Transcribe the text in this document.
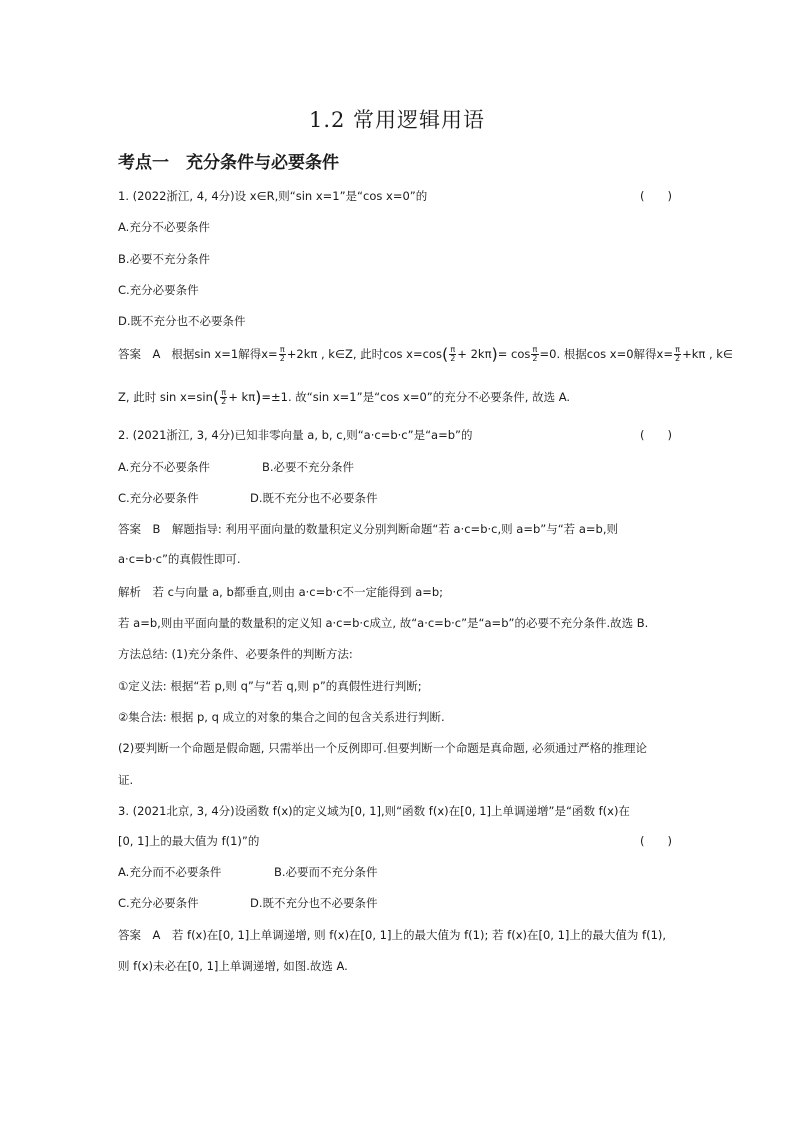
1.2 常用逻辑用语
考点一　充分条件与必要条件
1. (2022浙江, 4, 4分)设 x∈R,则“sin x=1”是“cos x=0”的	(　　)
A.充分不必要条件
B.必要不充分条件
C.充分必要条件
D.既不充分也不必要条件
答案　A 根据sin x=1解得$x= \frac{\pi}{2} +2k\pi$ , k∈Z, 此时$\cos x=\cos( \frac{\pi}{2} + 2k\pi)= \cos \frac{\pi}{2} =0$. 根据cos x=0解得$x= \frac{\pi}{2} +k\pi$ , k∈
Z, 此时 $\sin x=\sin( \frac{\pi}{2} + k\pi)=\pm 1$. 故“sin x=1”是“cos x=0”的充分不必要条件, 故选 A.
2. (2021浙江, 3, 4分)已知非零向量 a, b, c,则“a·c=b·c”是“a=b”的	(　　)
A.充分不必要条件	B.必要不充分条件
C.充分必要条件	D.既不充分也不必要条件
答案　B　解题指导: 利用平面向量的数量积定义分别判断命题“若 a·c=b·c,则 a=b”与“若 a=b,则
a·c=b·c”的真假性即可.
解析　若 c与向量 a, b都垂直,则由 a·c=b·c不一定能得到 a=b;
若 a=b,则由平面向量的数量积的定义知 a·c=b·c成立, 故“a·c=b·c”是“a=b”的必要不充分条件.故选 B.
方法总结: (1)充分条件、必要条件的判断方法:
①定义法: 根据“若 p,则 q”与“若 q,则 p”的真假性进行判断;
②集合法: 根据 p, q 成立的对象的集合之间的包含关系进行判断.
(2)要判断一个命题是假命题, 只需举出一个反例即可.但要判断一个命题是真命题, 必须通过严格的推理论
证.
3. (2021北京, 3, 4分)设函数 f(x)的定义域为[0, 1],则“函数 f(x)在[0, 1]上单调递增”是“函数 f(x)在
[0, 1]上的最大值为 f(1)”的	(　　)
A.充分而不必要条件	B.必要而不充分条件
C.充分必要条件	D.既不充分也不必要条件
答案　A　若 f(x)在[0, 1]上单调递增, 则 f(x)在[0, 1]上的最大值为 f(1); 若 f(x)在[0, 1]上的最大值为 f(1),
则 f(x)未必在[0, 1]上单调递增, 如图.故选 A.
